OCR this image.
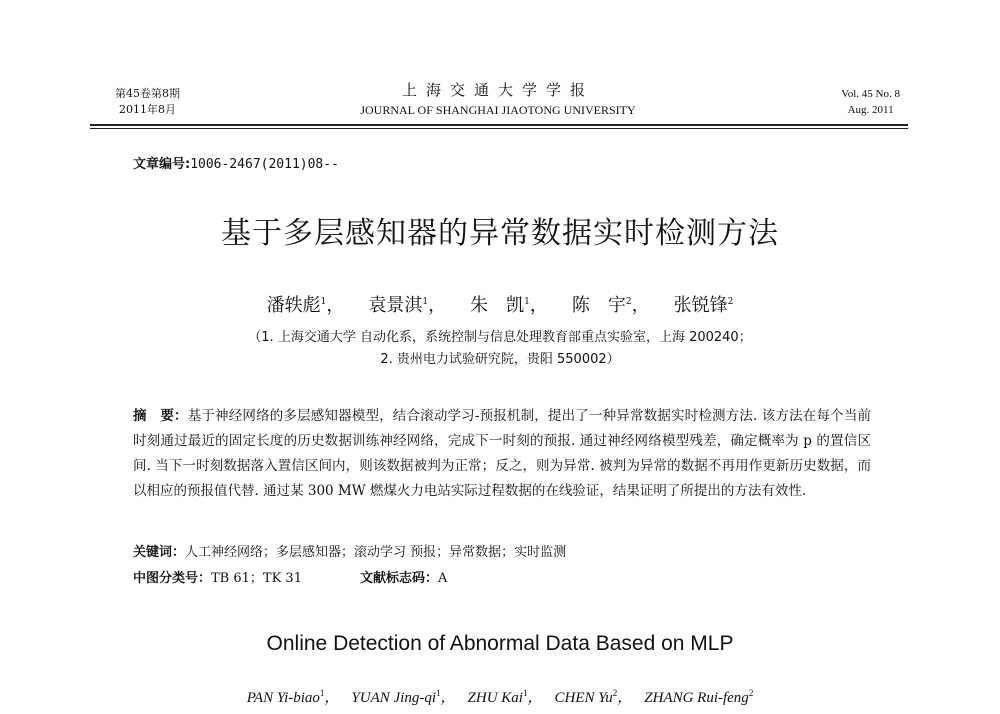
第45卷第8期
2011年8月
上海交通大学学报
JOURNAL OF SHANGHAI JIAOTONG UNIVERSITY
Vol. 45 No. 8
Aug. 2011
文章编号:1006-2467(2011)08--
基于多层感知器的异常数据实时检测方法
潘轶彪$^1$， 袁景淇$^1$， 朱　凯$^1$， 陈　宇$^2$， 张锐锋$^2$
（1. 上海交通大学 自动化系，系统控制与信息处理教育部重点实验室，上海 200240；
2. 贵州电力试验研究院，贵阳 550002）
摘　要：基于神经网络的多层感知器模型，结合滚动学习-预报机制，提出了一种异常数据实时检测方法. 该方法在每个当前时刻通过最近的固定长度的历史数据训练神经网络，完成下一时刻的预报. 通过神经网络模型残差，确定概率为 p 的置信区间. 当下一时刻数据落入置信区间内，则该数据被判为正常；反之，则为异常. 被判为异常的数据不再用作更新历史数据，而以相应的预报值代替. 通过某 300 MW 燃煤火力电站实际过程数据的在线验证，结果证明了所提出的方法有效性.
关键词：人工神经网络；多层感知器；滚动学习 预报；异常数据；实时监测
中图分类号：TB 61；TK 31	文献标志码：A
Online Detection of Abnormal Data Based on MLP
PAN Yi-biao$^1$， YUAN Jing-$qi^1$， ZHU Kai$^1$， CHEN Yu$^2$， ZHANG Rui-feng$^2$
